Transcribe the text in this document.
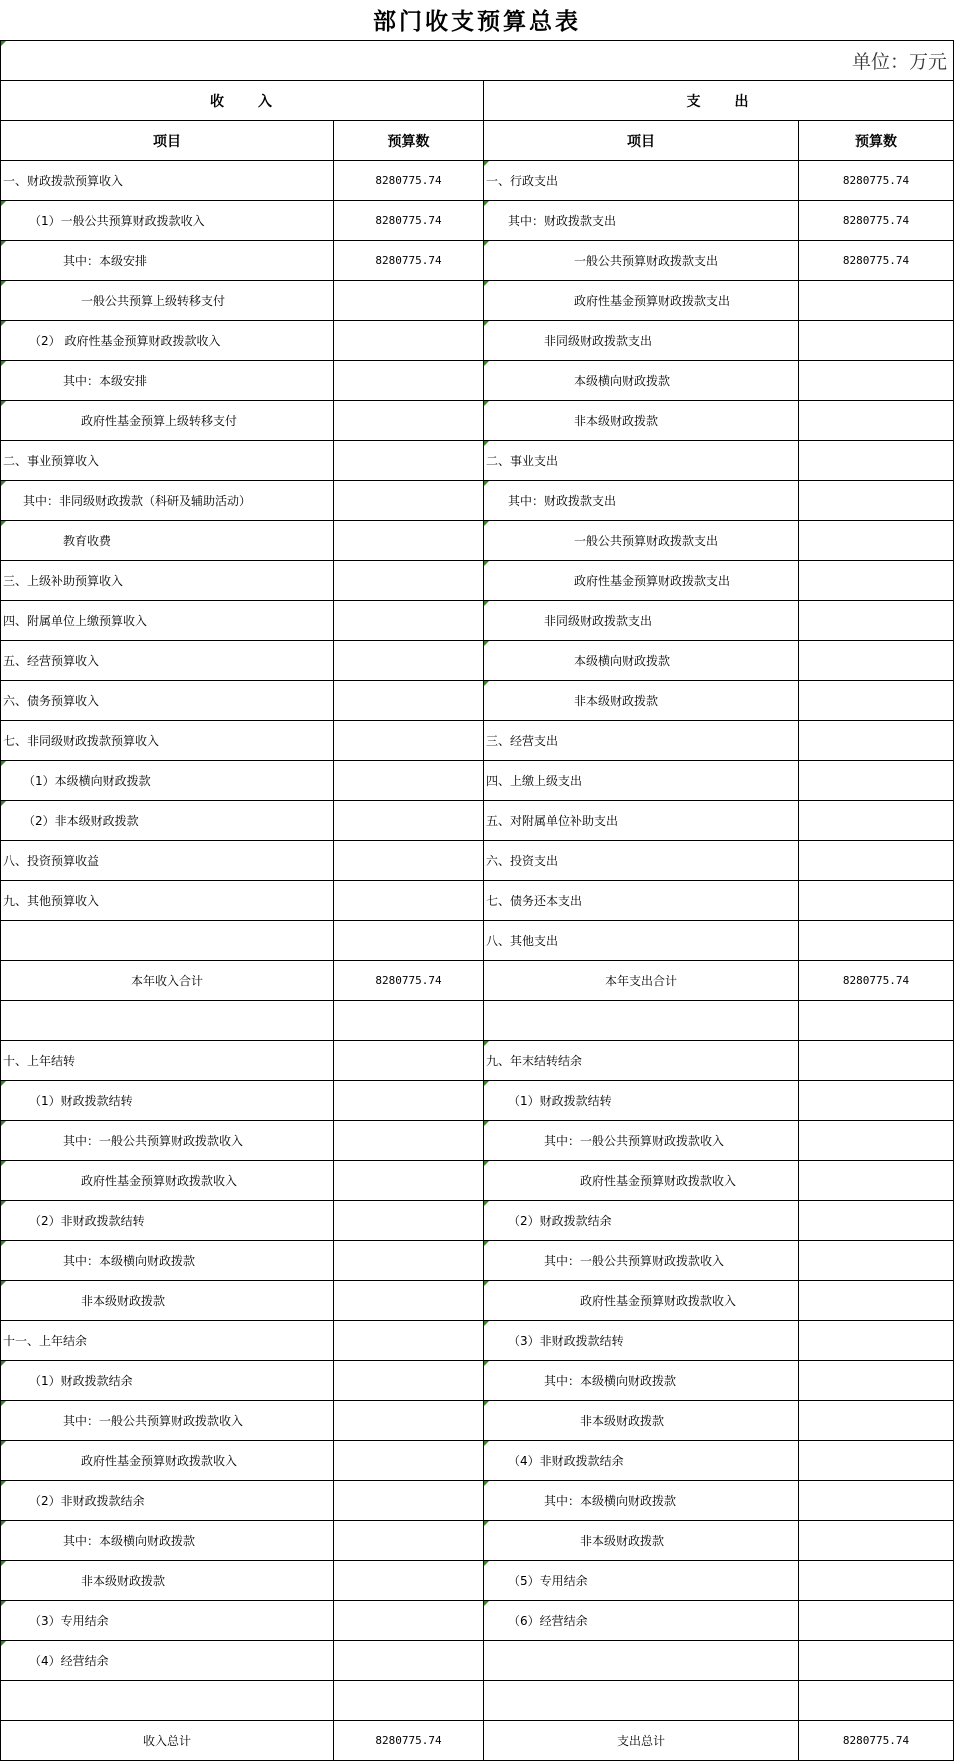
部门收支预算总表
单位：万元			
收　　入		支　　出	
项目	预算数	项目	预算数
一、财政拨款预算收入	8280775.74	一、行政支出	8280775.74
（1）一般公共预算财政拨款收入	8280775.74	其中：财政拨款支出	8280775.74
其中：本级安排	8280775.74	一般公共预算财政拨款支出	8280775.74
一般公共预算上级转移支付		政府性基金预算财政拨款支出	
（2） 政府性基金预算财政拨款收入		非同级财政拨款支出	
其中：本级安排		本级横向财政拨款	
政府性基金预算上级转移支付		非本级财政拨款	
二、事业预算收入		二、事业支出	
其中：非同级财政拨款（科研及辅助活动）		其中：财政拨款支出	
教育收费		一般公共预算财政拨款支出	
三、上级补助预算收入		政府性基金预算财政拨款支出	
四、附属单位上缴预算收入		非同级财政拨款支出	
五、经营预算收入		本级横向财政拨款	
六、债务预算收入		非本级财政拨款	
七、非同级财政拨款预算收入		三、经营支出	
（1）本级横向财政拨款		四、上缴上级支出	
（2）非本级财政拨款		五、对附属单位补助支出	
八、投资预算收益		六、投资支出	
九、其他预算收入		七、债务还本支出	
		八、其他支出	
本年收入合计	8280775.74	本年支出合计	8280775.74

十、上年结转		九、年末结转结余	
（1）财政拨款结转		（1）财政拨款结转	
其中：一般公共预算财政拨款收入		其中：一般公共预算财政拨款收入	
政府性基金预算财政拨款收入		政府性基金预算财政拨款收入	
（2）非财政拨款结转		（2）财政拨款结余	
其中：本级横向财政拨款		其中：一般公共预算财政拨款收入	
非本级财政拨款		政府性基金预算财政拨款收入	
十一、上年结余		（3）非财政拨款结转	
（1）财政拨款结余		其中：本级横向财政拨款	
其中：一般公共预算财政拨款收入		非本级财政拨款	
政府性基金预算财政拨款收入		（4）非财政拨款结余	
（2）非财政拨款结余		其中：本级横向财政拨款	
其中：本级横向财政拨款		非本级财政拨款	
非本级财政拨款		（5）专用结余	
（3）专用结余		（6）经营结余	
（4）经营结余			

收入总计	8280775.74	支出总计	8280775.74
